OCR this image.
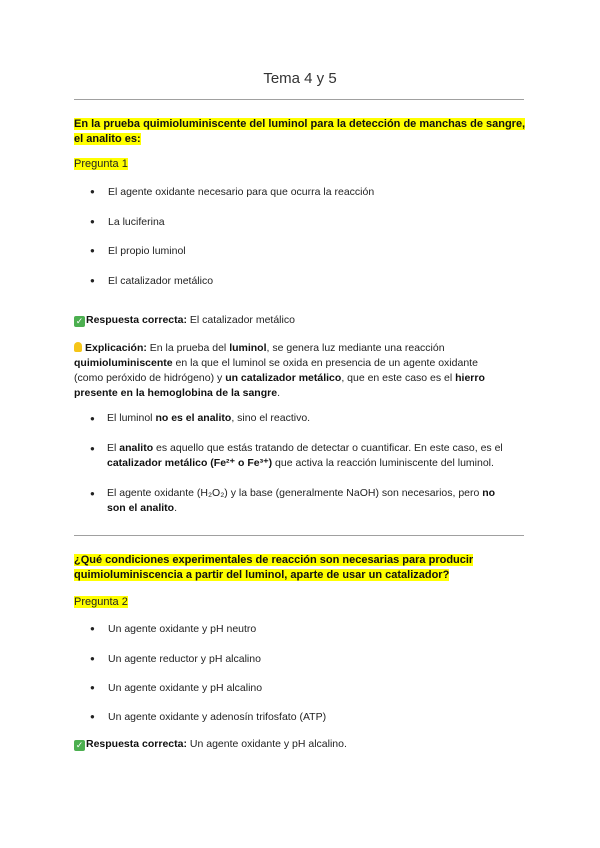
Tema 4 y 5
En la prueba quimioluminiscente del luminol para la detección de manchas de sangre,
el analito es:
Pregunta 1
● El agente oxidante necesario para que ocurra la reacción
● La luciferina
● El propio luminol
● El catalizador metálico
✓ Respuesta correcta: El catalizador metálico
Explicación: En la prueba del luminol, se genera luz mediante una reacción
quimioluminiscente en la que el luminol se oxida en presencia de un agente oxidante
(como peróxido de hidrógeno) y un catalizador metálico, que en este caso es el hierro
presente en la hemoglobina de la sangre.
● El luminol no es el analito, sino el reactivo.
● El analito es aquello que estás tratando de detectar o cuantificar. En este caso, es el
catalizador metálico (Fe²⁺ o Fe³⁺) que activa la reacción luminiscente del luminol.
● El agente oxidante (H₂O₂) y la base (generalmente NaOH) son necesarios, pero no
son el analito.
¿Qué condiciones experimentales de reacción son necesarias para producir
quimioluminiscencia a partir del luminol, aparte de usar un catalizador?
Pregunta 2
● Un agente oxidante y pH neutro
● Un agente reductor y pH alcalino
● Un agente oxidante y pH alcalino
● Un agente oxidante y adenosín trifosfato (ATP)
✓ Respuesta correcta: Un agente oxidante y pH alcalino.
